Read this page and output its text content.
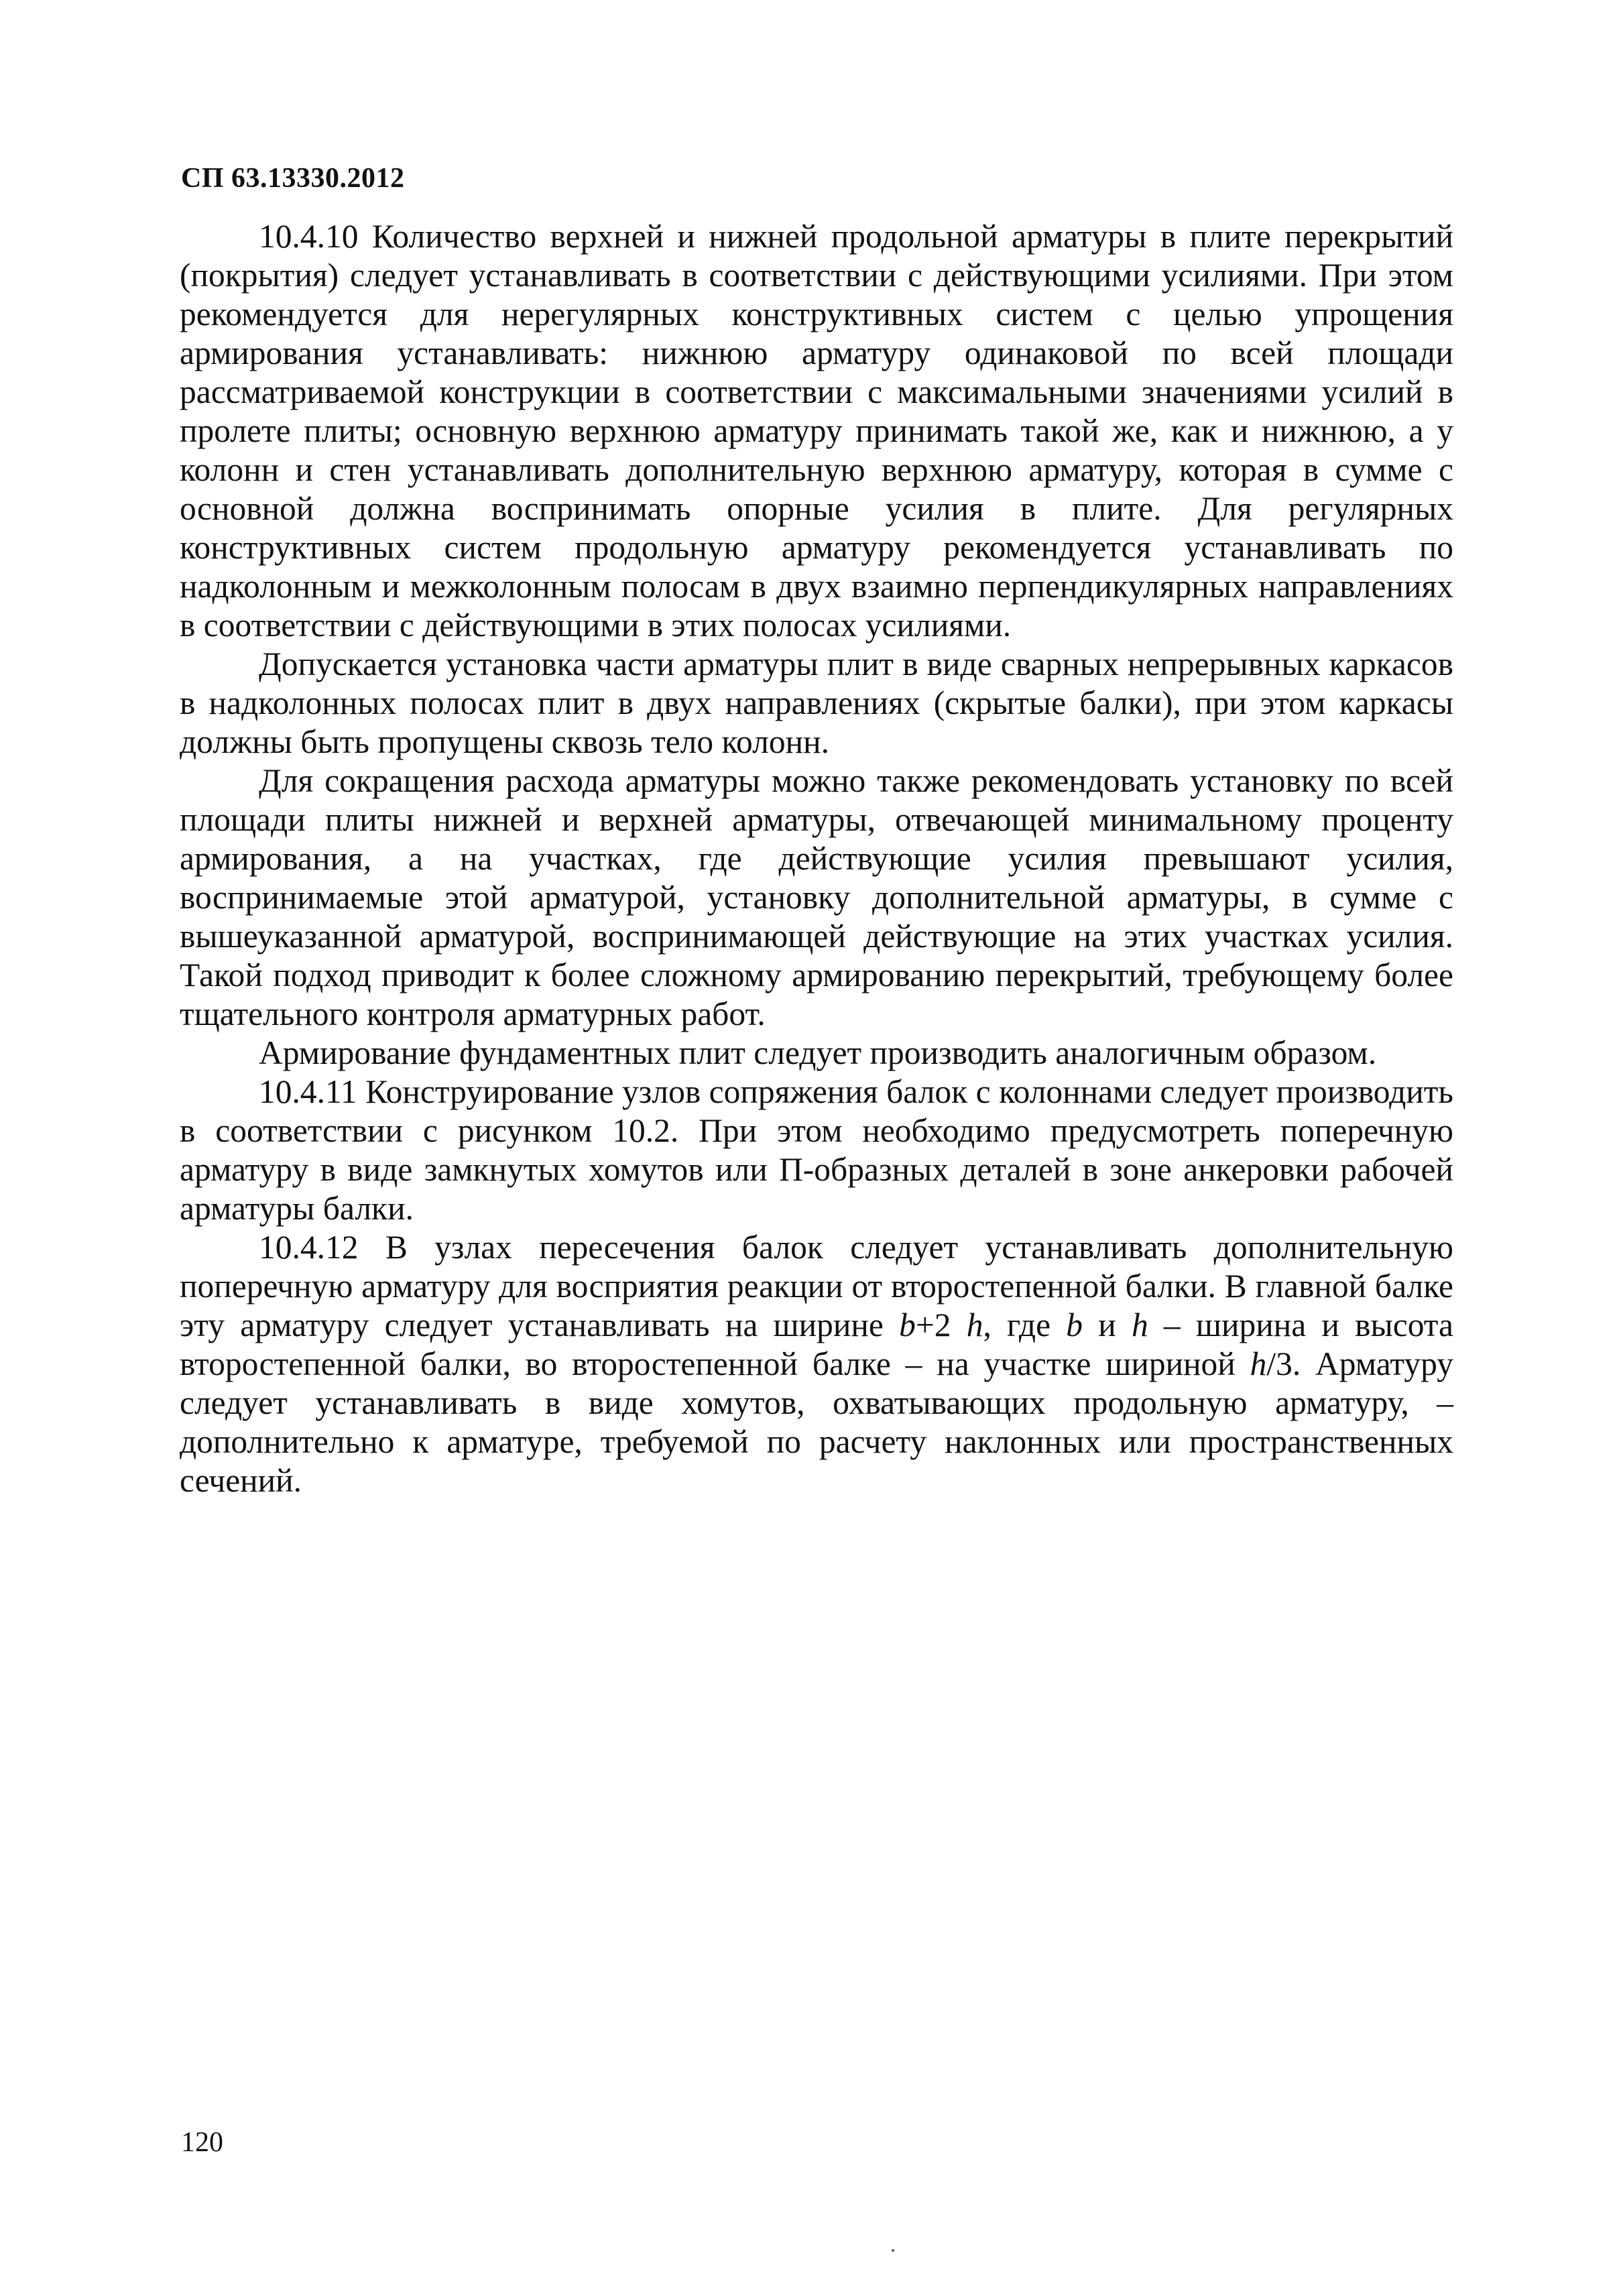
СП 63.13330.2012

10.4.10 Количество верхней и нижней продольной арматуры в плите перекрытий (покрытия) следует устанавливать в соответствии с действующими усилиями. При этом рекомендуется для нерегулярных конструктивных систем с целью упрощения армирования устанавливать: нижнюю арматуру одинаковой по всей площади рассматриваемой конструкции в соответствии с максимальными значениями усилий в пролете плиты; основную верхнюю арматуру принимать такой же, как и нижнюю, а у колонн и стен устанавливать дополнительную верхнюю арматуру, которая в сумме с основной должна воспринимать опорные усилия в плите. Для регулярных конструктивных систем продольную арматуру рекомендуется устанавливать по надколонным и межколонным полосам в двух взаимно перпендикулярных направлениях в соответствии с действующими в этих полосах усилиями.

Допускается установка части арматуры плит в виде сварных непрерывных каркасов в надколонных полосах плит в двух направлениях (скрытые балки), при этом каркасы должны быть пропущены сквозь тело колонн.

Для сокращения расхода арматуры можно также рекомендовать установку по всей площади плиты нижней и верхней арматуры, отвечающей минимальному проценту армирования, а на участках, где действующие усилия превышают усилия, воспринимаемые этой арматурой, установку дополнительной арматуры, в сумме с вышеуказанной арматурой, воспринимающей действующие на этих участках усилия. Такой подход приводит к более сложному армированию перекрытий, требующему более тщательного контроля арматурных работ.

Армирование фундаментных плит следует производить аналогичным образом.

10.4.11 Конструирование узлов сопряжения балок с колоннами следует производить в соответствии с рисунком 10.2. При этом необходимо предусмотреть поперечную арматуру в виде замкнутых хомутов или П-образных деталей в зоне анкеровки рабочей арматуры балки.

10.4.12 В узлах пересечения балок следует устанавливать дополнительную поперечную арматуру для восприятия реакции от второстепенной балки. В главной балке эту арматуру следует устанавливать на ширине b+2 h, где b и h – ширина и высота второстепенной балки, во второстепенной балке – на участке шириной h/3. Арматуру следует устанавливать в виде хомутов, охватывающих продольную арматуру, – дополнительно к арматуре, требуемой по расчету наклонных или пространственных сечений.

120
